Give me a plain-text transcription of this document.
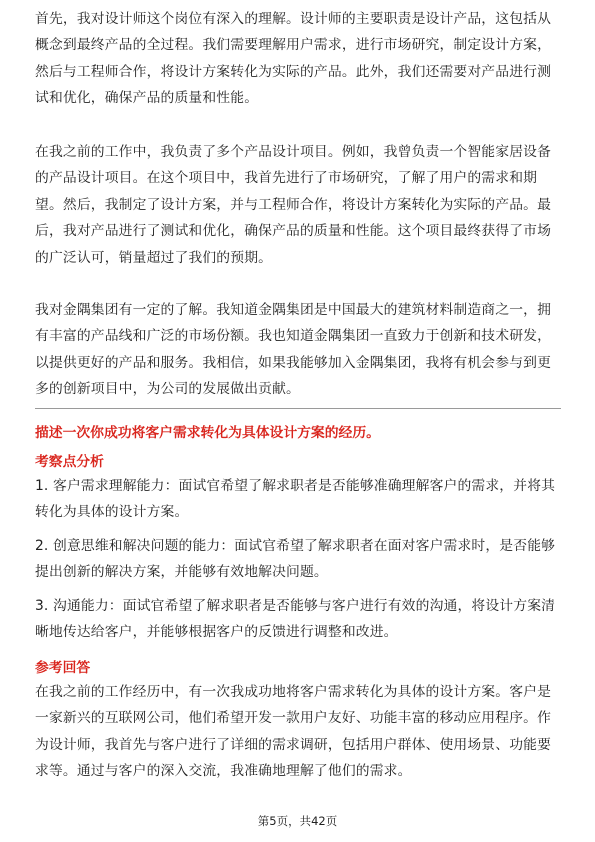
首先，我对设计师这个岗位有深入的理解。设计师的主要职责是设计产品，这包括从概念到最终产品的全过程。我们需要理解用户需求，进行市场研究，制定设计方案，然后与工程师合作，将设计方案转化为实际的产品。此外，我们还需要对产品进行测试和优化，确保产品的质量和性能。

在我之前的工作中，我负责了多个产品设计项目。例如，我曾负责一个智能家居设备的产品设计项目。在这个项目中，我首先进行了市场研究，了解了用户的需求和期望。然后，我制定了设计方案，并与工程师合作，将设计方案转化为实际的产品。最后，我对产品进行了测试和优化，确保产品的质量和性能。这个项目最终获得了市场的广泛认可，销量超过了我们的预期。

我对金隅集团有一定的了解。我知道金隅集团是中国最大的建筑材料制造商之一，拥有丰富的产品线和广泛的市场份额。我也知道金隅集团一直致力于创新和技术研发，以提供更好的产品和服务。我相信，如果我能够加入金隅集团，我将有机会参与到更多的创新项目中，为公司的发展做出贡献。

描述一次你成功将客户需求转化为具体设计方案的经历。

考察点分析

1. 客户需求理解能力：面试官希望了解求职者是否能够准确理解客户的需求，并将其转化为具体的设计方案。

2. 创意思维和解决问题的能力：面试官希望了解求职者在面对客户需求时，是否能够提出创新的解决方案，并能够有效地解决问题。

3. 沟通能力：面试官希望了解求职者是否能够与客户进行有效的沟通，将设计方案清晰地传达给客户，并能够根据客户的反馈进行调整和改进。

参考回答

在我之前的工作经历中，有一次我成功地将客户需求转化为具体的设计方案。客户是一家新兴的互联网公司，他们希望开发一款用户友好、功能丰富的移动应用程序。作为设计师，我首先与客户进行了详细的需求调研，包括用户群体、使用场景、功能要求等。通过与客户的深入交流，我准确地理解了他们的需求。

第5页，共42页
